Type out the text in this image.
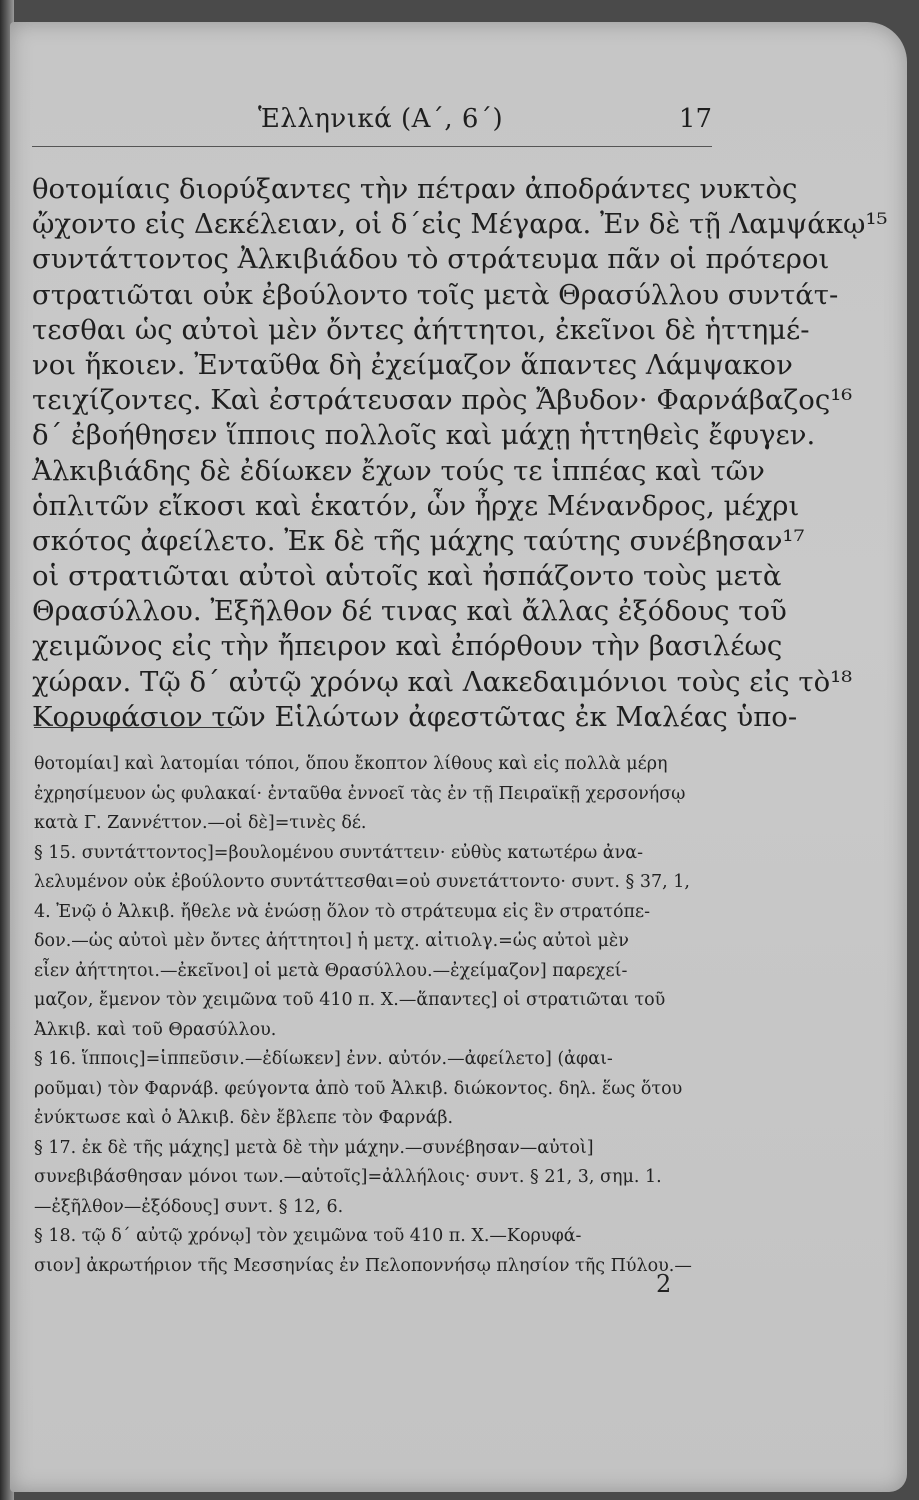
Ἑλληνικά (Α΄, 6΄)	17
θοτομίαις διορύξαντες τὴν πέτραν ἀποδράντες νυκτὸς
ᾤχοντο εἰς Δεκέλειαν, οἱ δ΄εἰς Μέγαρα. Ἐν δὲ τῇ Λαμψάκῳ¹⁵
συντάττοντος Ἀλκιβιάδου τὸ στράτευμα πᾶν οἱ πρότεροι
στρατιῶται οὐκ ἐβούλοντο τοῖς μετὰ Θρασύλλου συντάτ-
τεσθαι ὡς αὐτοὶ μὲν ὄντες ἀήττητοι, ἐκεῖνοι δὲ ἡττημέ-
νοι ἥκοιεν. Ἐνταῦθα δὴ ἐχείμαζον ἅπαντες Λάμψακον
τειχίζοντες. Καὶ ἐστράτευσαν πρὸς Ἄβυδον· Φαρνάβαζος¹⁶
δ΄ ἐβοήθησεν ἵπποις πολλοῖς καὶ μάχῃ ἡττηθεὶς ἔφυγεν.
Ἀλκιβιάδης δὲ ἐδίωκεν ἔχων τούς τε ἱππέας καὶ τῶν
ὁπλιτῶν εἴκοσι καὶ ἑκατόν, ὧν ἦρχε Μένανδρος, μέχρι
σκότος ἀφείλετο. Ἐκ δὲ τῆς μάχης ταύτης συνέβησαν¹⁷
οἱ στρατιῶται αὐτοὶ αὑτοῖς καὶ ἠσπάζοντο τοὺς μετὰ
Θρασύλλου. Ἐξῆλθον δέ τινας καὶ ἄλλας ἐξόδους τοῦ
χειμῶνος εἰς τὴν ἤπειρον καὶ ἐπόρθουν τὴν βασιλέως
χώραν. Τῷ δ΄ αὐτῷ χρόνῳ καὶ Λακεδαιμόνιοι τοὺς εἰς τὸ¹⁸
Κορυφάσιον τῶν Εἱλώτων ἀφεστῶτας ἐκ Μαλέας ὑπο-
θοτομίαι] καὶ λατομίαι τόποι, ὅπου ἔκοπτον λίθους καὶ εἰς πολλὰ μέρη
ἐχρησίμευον ὡς φυλακαί· ἐνταῦθα ἐννοεῖ τὰς ἐν τῇ Πειραϊκῇ χερσονήσῳ
κατὰ Γ. Ζαννέττον.—οἱ δὲ]=τινὲς δέ.
§ 15. συντάττοντος]=βουλομένου συντάττειν· εὐθὺς κατωτέρω ἀνα-
λελυμένον οὐκ ἐβούλοντο συντάττεσθαι=οὐ συνετάττοντο· συντ. § 37, 1,
4. Ἐνῷ ὁ Ἀλκιβ. ἤθελε νὰ ἑνώσῃ ὅλον τὸ στράτευμα εἰς ἓν στρατόπε-
δον.—ὡς αὐτοὶ μὲν ὄντες ἀήττητοι] ἡ μετχ. αἰτιολγ.=ὡς αὐτοὶ μὲν
εἶεν ἀήττητοι.—ἐκεῖνοι] οἱ μετὰ Θρασύλλου.—ἐχείμαζον] παρεχεί-
μαζον, ἔμενον τὸν χειμῶνα τοῦ 410 π. Χ.—ἅπαντες] οἱ στρατιῶται τοῦ
Ἀλκιβ. καὶ τοῦ Θρασύλλου.
§ 16. ἵπποις]=ἱππεῦσιν.—ἐδίωκεν] ἐνν. αὐτόν.—ἀφείλετο] (ἀφαι-
ροῦμαι) τὸν Φαρνάβ. φεύγοντα ἀπὸ τοῦ Ἀλκιβ. διώκοντος. δηλ. ἕως ὅτου
ἐνύκτωσε καὶ ὁ Ἀλκιβ. δὲν ἔβλεπε τὸν Φαρνάβ.
§ 17. ἐκ δὲ τῆς μάχης] μετὰ δὲ τὴν μάχην.—συνέβησαν—αὐτοὶ]
συνεβιβάσθησαν μόνοι των.—αὑτοῖς]=ἀλλήλοις· συντ. § 21, 3, σημ. 1.
—ἐξῆλθον—ἐξόδους] συντ. § 12, 6.
§ 18. τῷ δ΄ αὐτῷ χρόνῳ] τὸν χειμῶνα τοῦ 410 π. Χ.—Κορυφά-
σιον] ἀκρωτήριον τῆς Μεσσηνίας ἐν Πελοποννήσῳ πλησίον τῆς Πύλου.—
2
